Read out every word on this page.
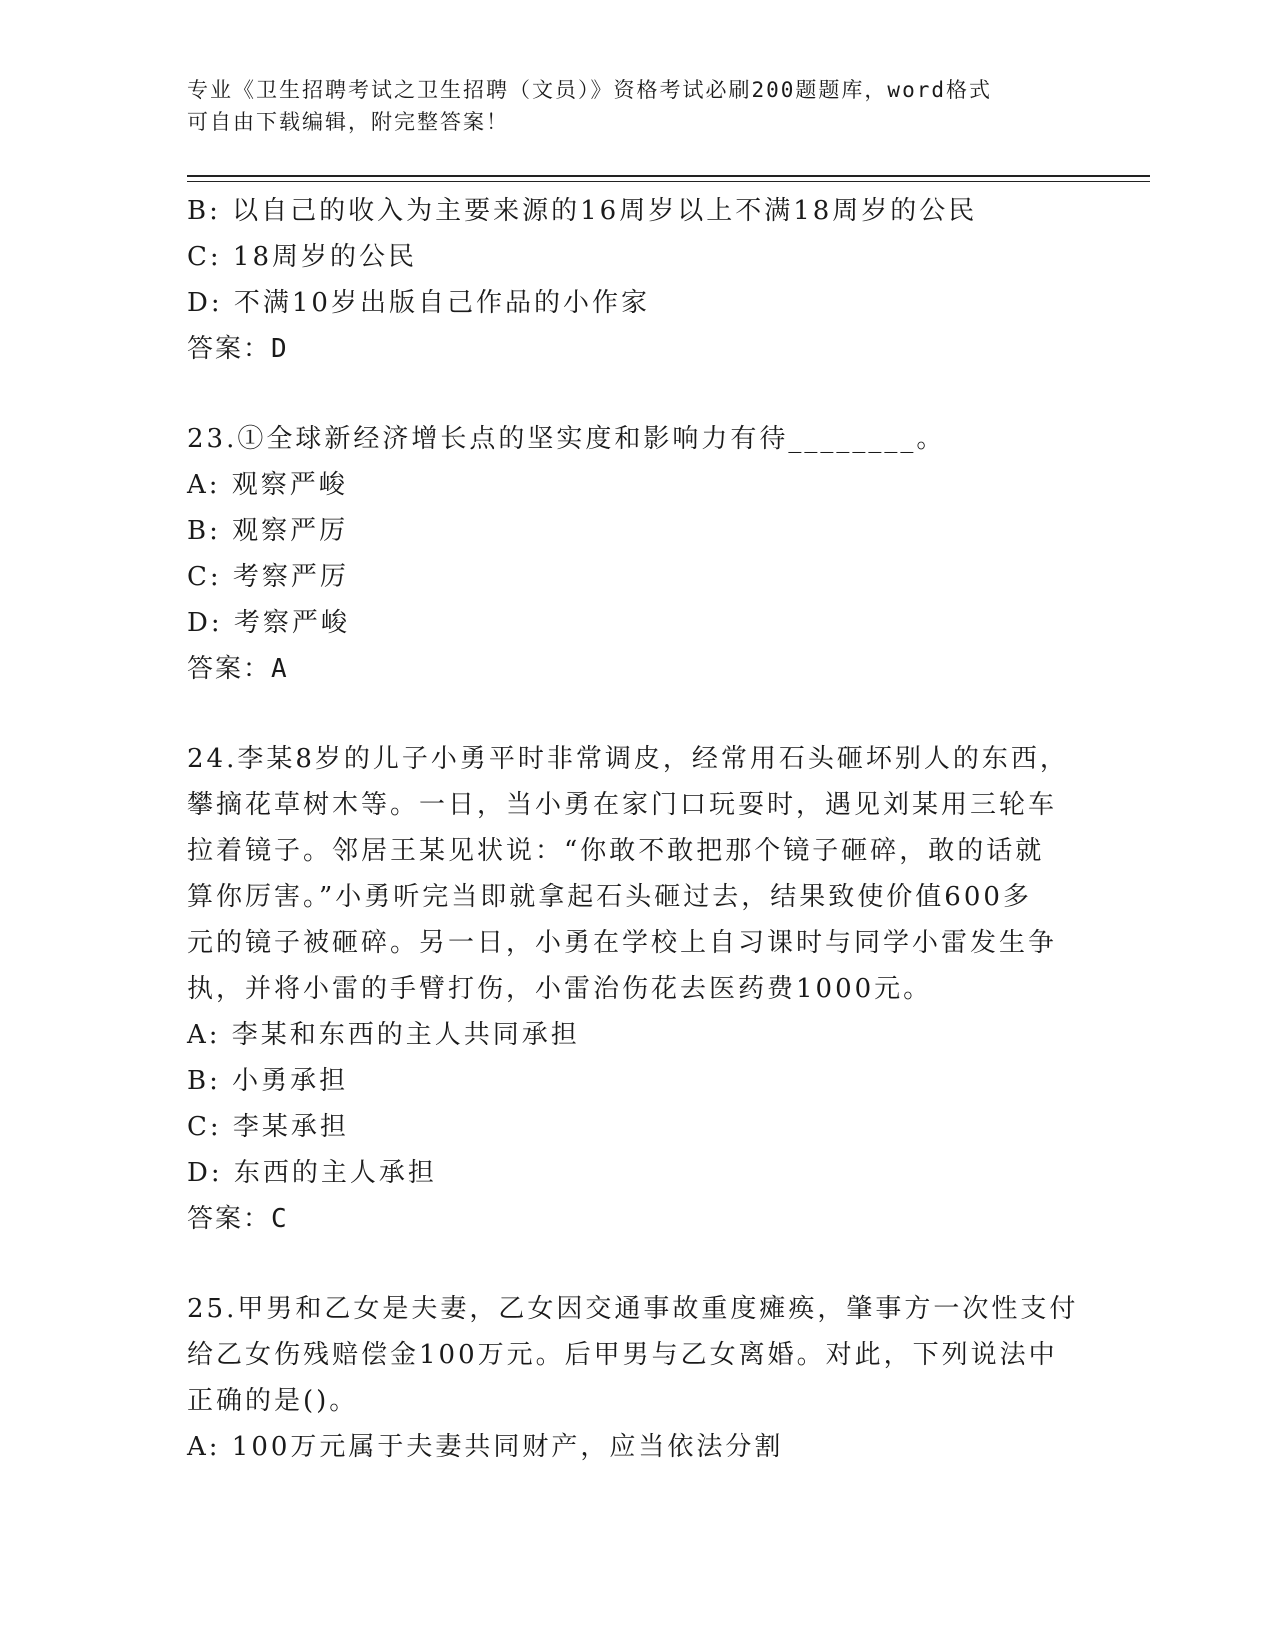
专业《卫生招聘考试之卫生招聘（文员）》资格考试必刷200题题库，word格式
可自由下载编辑，附完整答案！
B: 以自己的收入为主要来源的16周岁以上不满18周岁的公民
C: 18周岁的公民
D: 不满10岁出版自己作品的小作家
答案：D
23.①全球新经济增长点的坚实度和影响力有待________。
A: 观察严峻
B: 观察严厉
C: 考察严厉
D: 考察严峻
答案：A
24.李某8岁的儿子小勇平时非常调皮，经常用石头砸坏别人的东西，
攀摘花草树木等。一日，当小勇在家门口玩耍时，遇见刘某用三轮车
拉着镜子。邻居王某见状说：“你敢不敢把那个镜子砸碎，敢的话就
算你厉害。”小勇听完当即就拿起石头砸过去，结果致使价值600多
元的镜子被砸碎。另一日，小勇在学校上自习课时与同学小雷发生争
执，并将小雷的手臂打伤，小雷治伤花去医药费1000元。
A: 李某和东西的主人共同承担
B: 小勇承担
C: 李某承担
D: 东西的主人承担
答案：C
25.甲男和乙女是夫妻，乙女因交通事故重度瘫痪，肇事方一次性支付
给乙女伤残赔偿金100万元。后甲男与乙女离婚。对此，下列说法中
正确的是()。
A: 100万元属于夫妻共同财产，应当依法分割
